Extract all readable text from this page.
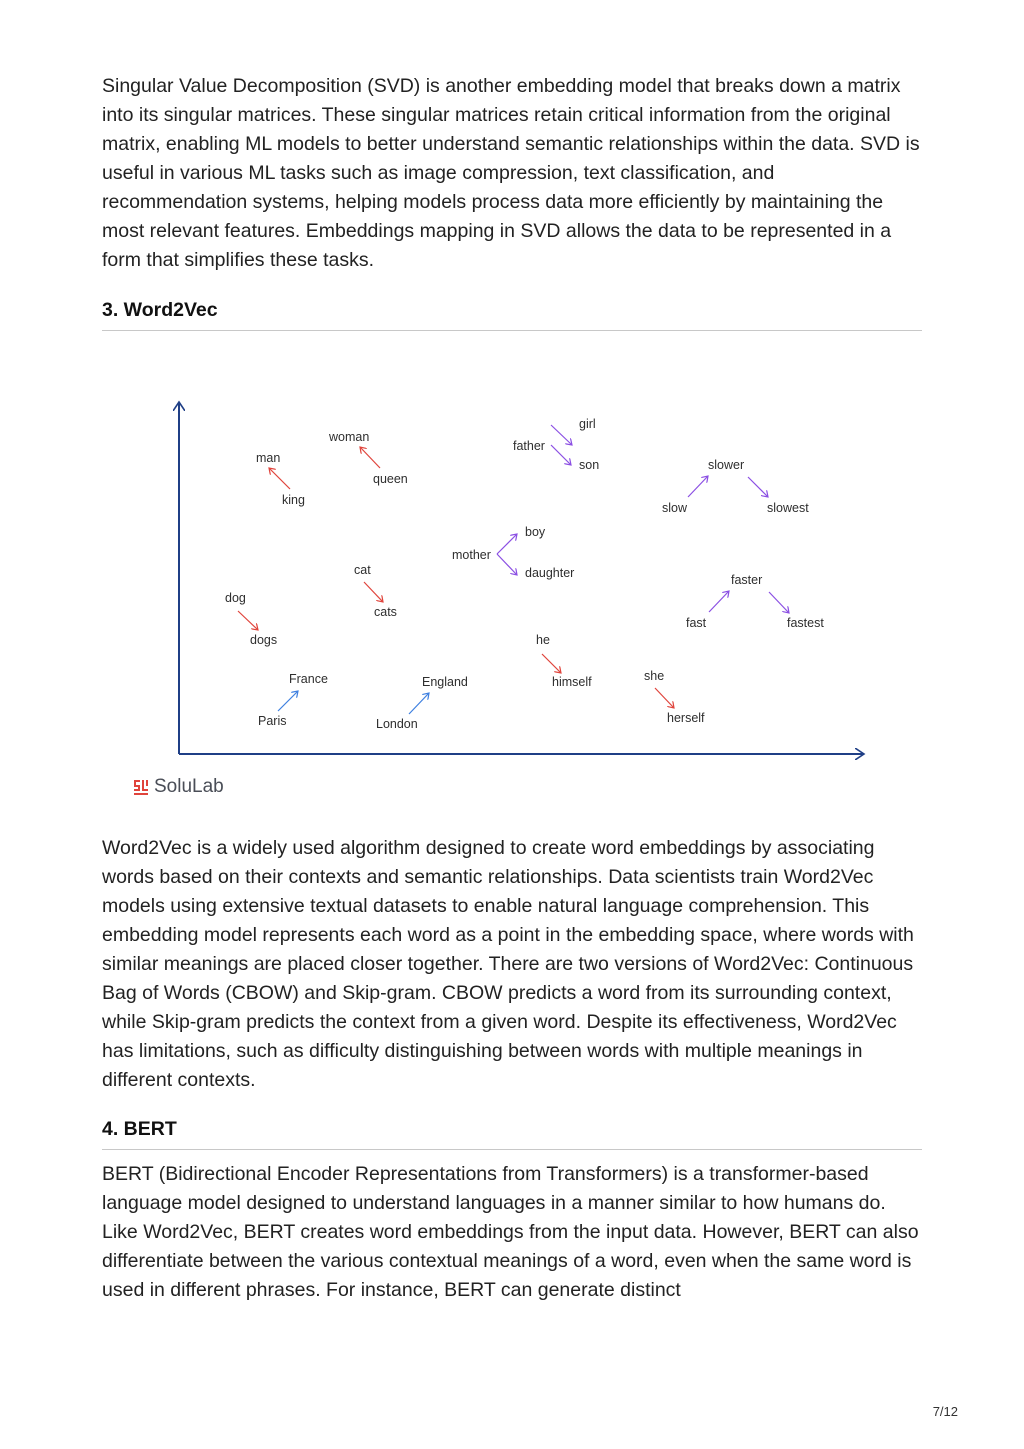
Singular Value Decomposition (SVD) is another embedding model that breaks down a matrix into its singular matrices. These singular matrices retain critical information from the original matrix, enabling ML models to better understand semantic relationships within the data. SVD is useful in various ML tasks such as image compression, text classification, and recommendation systems, helping models process data more efficiently by maintaining the most relevant features. Embeddings mapping in SVD allows the data to be represented in a form that simplifies these tasks.

3. Word2Vec
man
king
woman
queen
father
girl
son	slower
slow	slowest
mother
boy
daughter
cat
cats
dog
dogs
faster
fast	fastest
he
himself	she
herself
France
Paris
England
London
SoluLab

Word2Vec is a widely used algorithm designed to create word embeddings by associating words based on their contexts and semantic relationships. Data scientists train Word2Vec models using extensive textual datasets to enable natural language comprehension. This embedding model represents each word as a point in the embedding space, where words with similar meanings are placed closer together. There are two versions of Word2Vec: Continuous Bag of Words (CBOW) and Skip-gram. CBOW predicts a word from its surrounding context, while Skip-gram predicts the context from a given word. Despite its effectiveness, Word2Vec has limitations, such as difficulty distinguishing between words with multiple meanings in different contexts.

4. BERT

BERT (Bidirectional Encoder Representations from Transformers) is a transformer-based language model designed to understand languages in a manner similar to how humans do. Like Word2Vec, BERT creates word embeddings from the input data. However, BERT can also differentiate between the various contextual meanings of a word, even when the same word is used in different phrases. For instance, BERT can generate distinct

7/12
